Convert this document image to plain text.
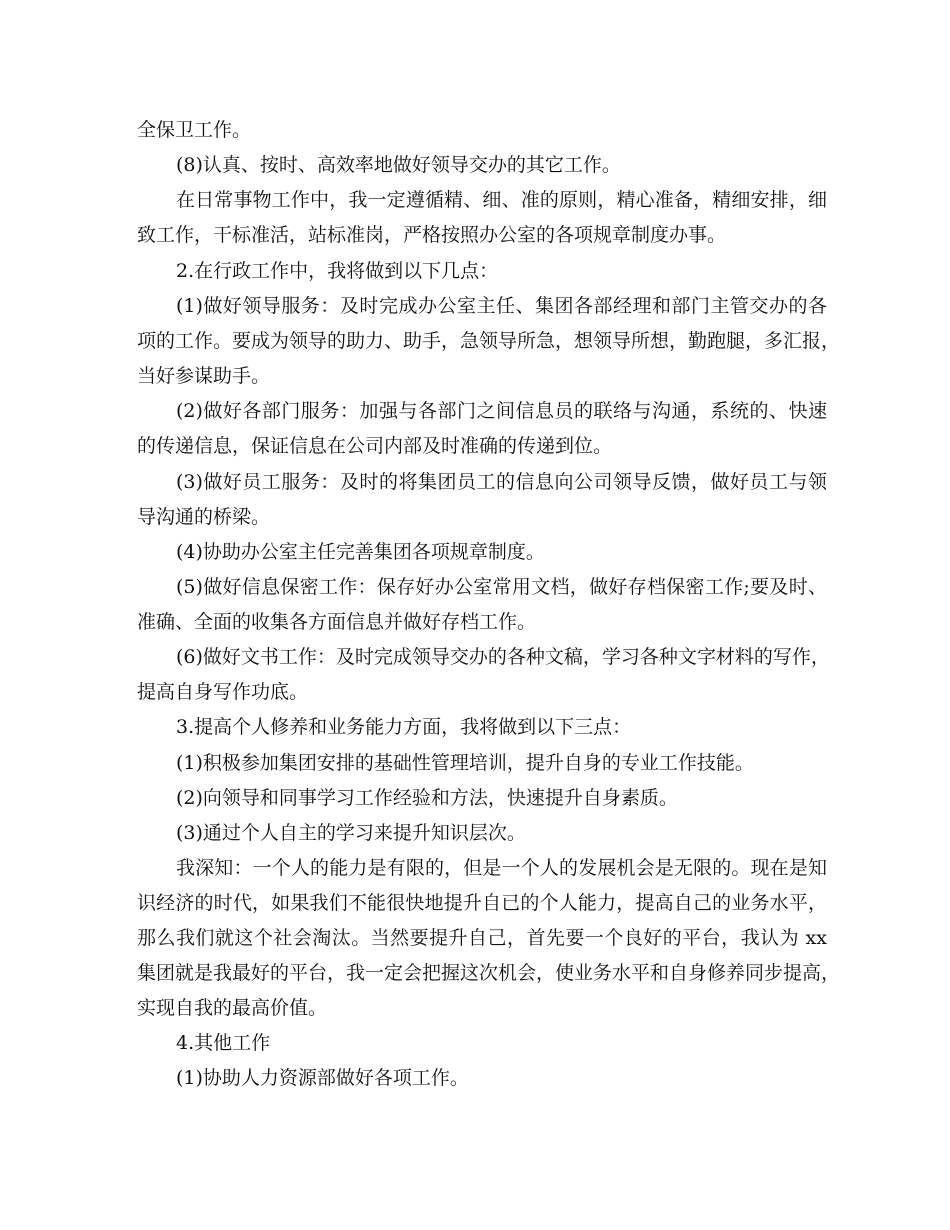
全保卫工作。
(8)认真、按时、高效率地做好领导交办的其它工作。
在日常事物工作中，我一定遵循精、细、准的原则，精心准备，精细安排，细
致工作，干标准活，站标准岗，严格按照办公室的各项规章制度办事。
2.在行政工作中，我将做到以下几点：
(1)做好领导服务：及时完成办公室主任、集团各部经理和部门主管交办的各
项的工作。要成为领导的助力、助手，急领导所急，想领导所想，勤跑腿，多汇报，
当好参谋助手。
(2)做好各部门服务：加强与各部门之间信息员的联络与沟通，系统的、快速
的传递信息，保证信息在公司内部及时准确的传递到位。
(3)做好员工服务：及时的将集团员工的信息向公司领导反馈，做好员工与领
导沟通的桥梁。
(4)协助办公室主任完善集团各项规章制度。
(5)做好信息保密工作：保存好办公室常用文档，做好存档保密工作;要及时、
准确、全面的收集各方面信息并做好存档工作。
(6)做好文书工作：及时完成领导交办的各种文稿，学习各种文字材料的写作，
提高自身写作功底。
3.提高个人修养和业务能力方面，我将做到以下三点：
(1)积极参加集团安排的基础性管理培训，提升自身的专业工作技能。
(2)向领导和同事学习工作经验和方法，快速提升自身素质。
(3)通过个人自主的学习来提升知识层次。
我深知：一个人的能力是有限的，但是一个人的发展机会是无限的。现在是知
识经济的时代，如果我们不能很快地提升自已的个人能力，提高自己的业务水平，
那么我们就这个社会淘汰。当然要提升自己，首先要一个良好的平台，我认为 xx
集团就是我最好的平台，我一定会把握这次机会，使业务水平和自身修养同步提高，
实现自我的最高价值。
4.其他工作
(1)协助人力资源部做好各项工作。
